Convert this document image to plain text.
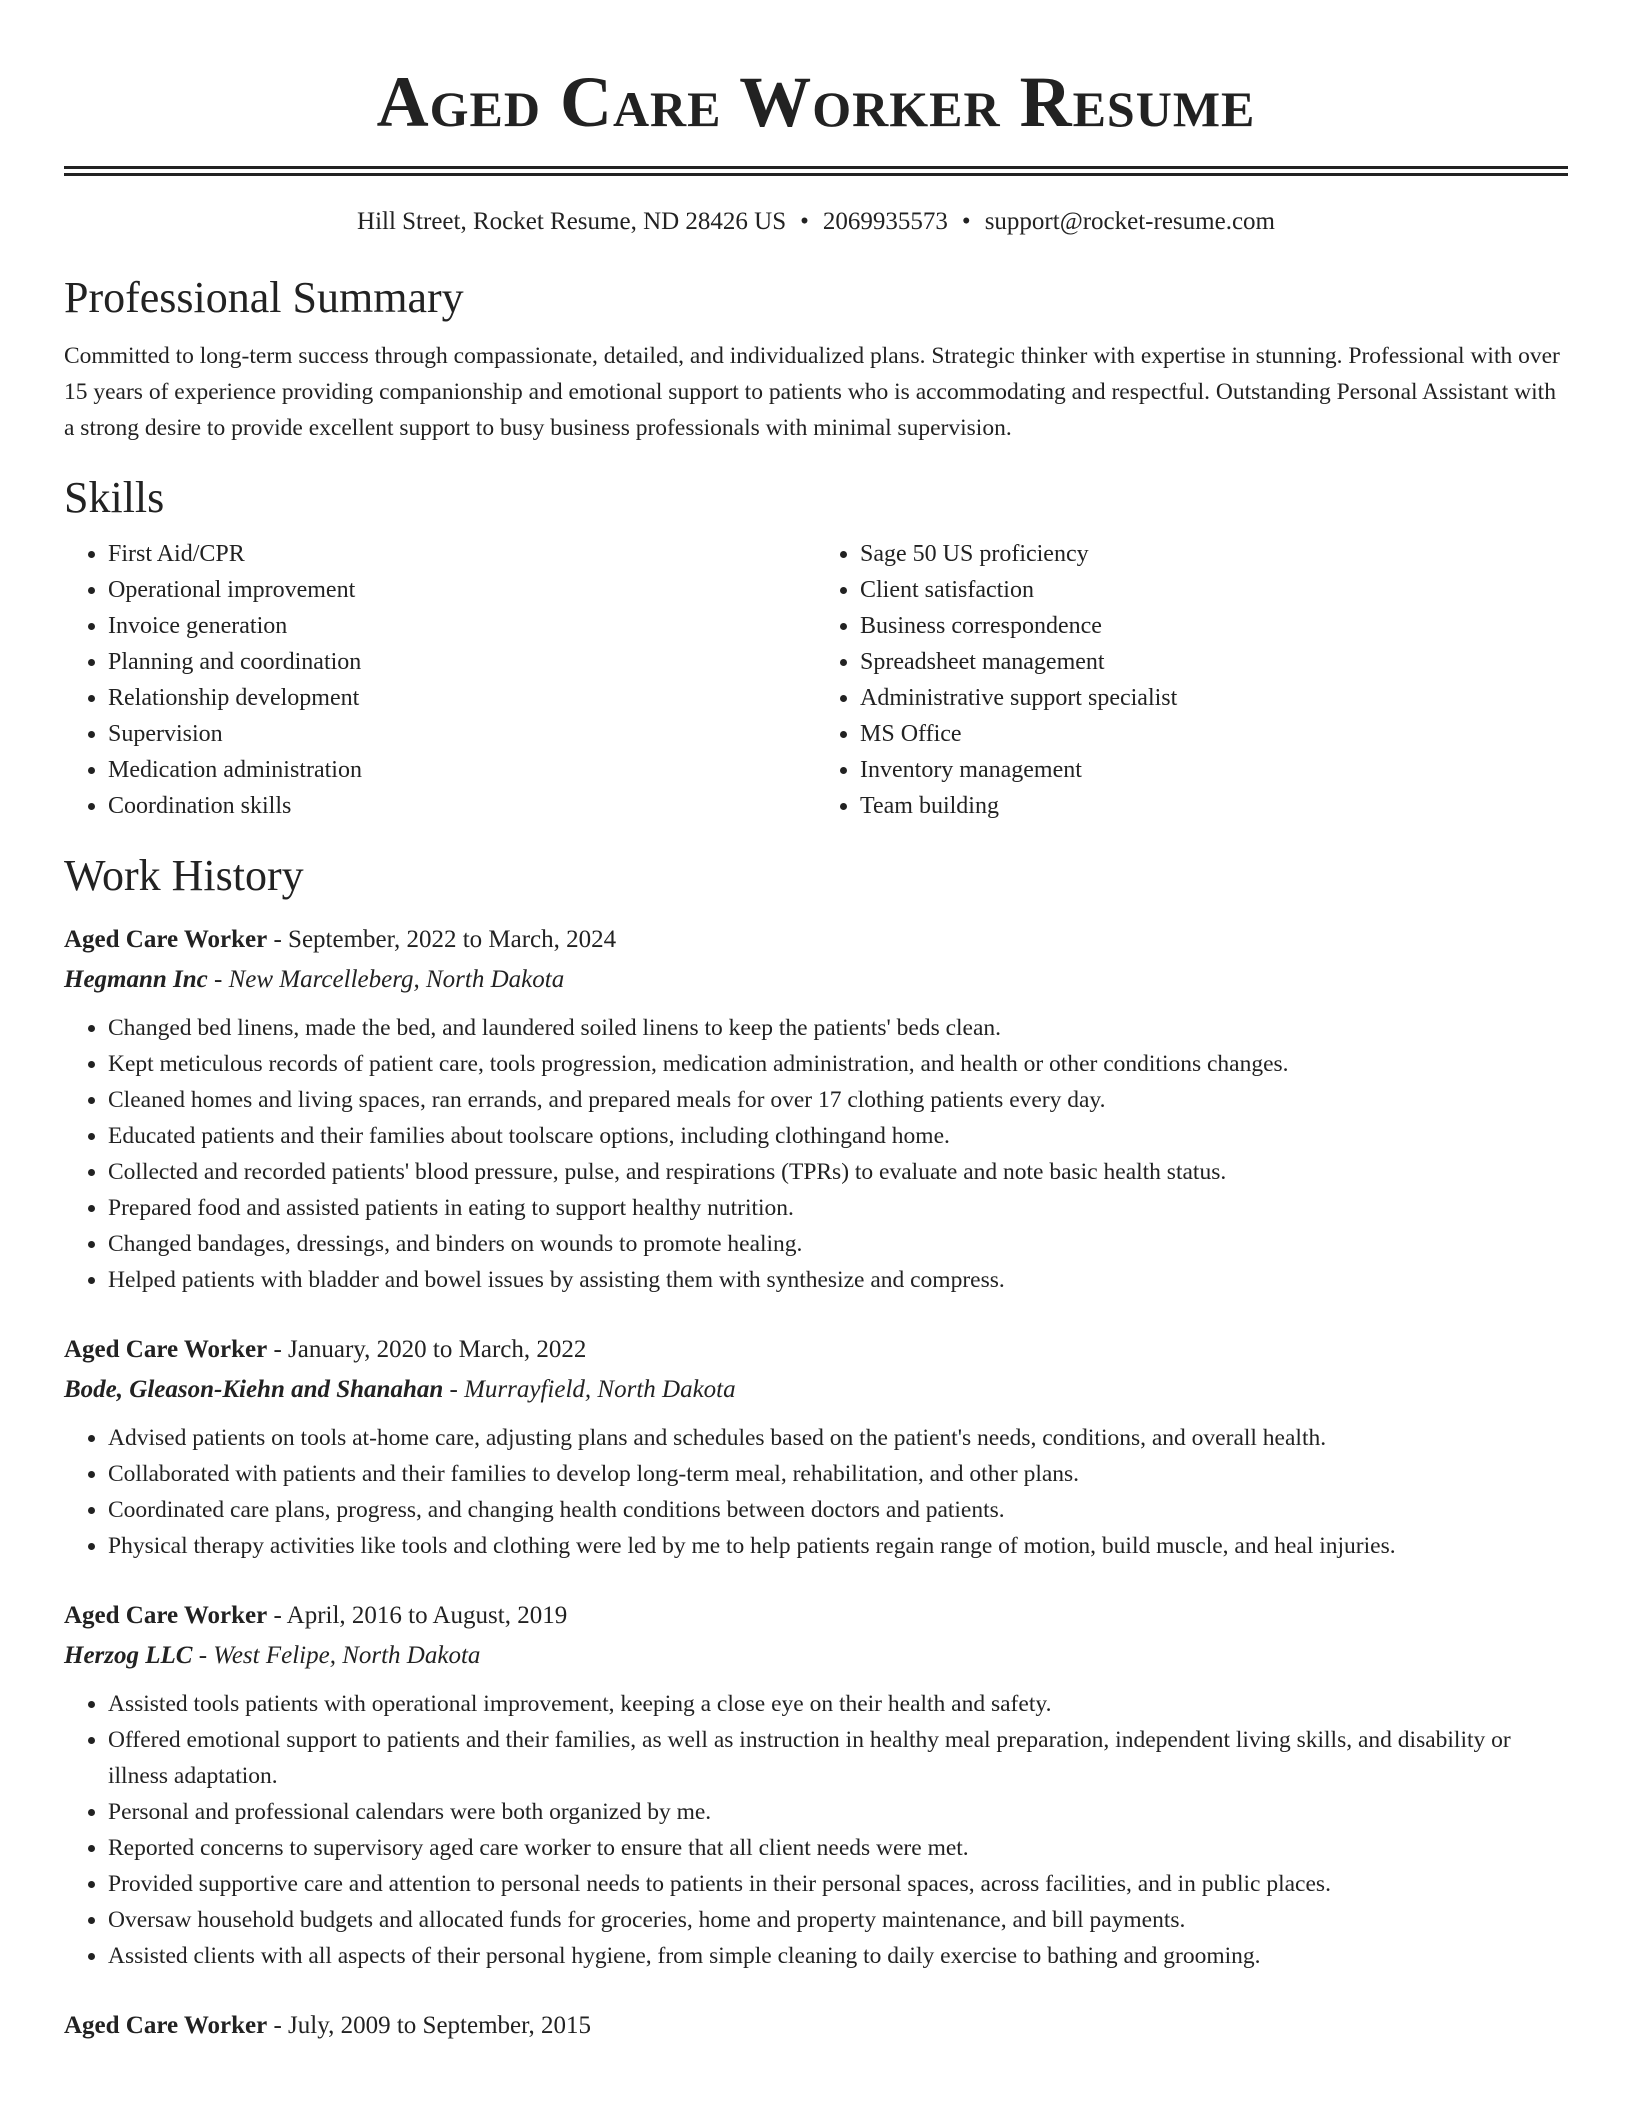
Aged Care Worker Resume
Hill Street, Rocket Resume, ND 28426 US • 2069935573 • support@rocket-resume.com
Professional Summary

Committed to long-term success through compassionate, detailed, and individualized plans. Strategic thinker with expertise in stunning. Professional with over 15 years of experience providing companionship and emotional support to patients who is accommodating and respectful. Outstanding Personal Assistant with a strong desire to provide excellent support to busy business professionals with minimal supervision.

Skills
• First Aid/CPR
• Operational improvement
• Invoice generation
• Planning and coordination
• Relationship development
• Supervision
• Medication administration
• Coordination skills
• Sage 50 US proficiency
• Client satisfaction
• Business correspondence
• Spreadsheet management
• Administrative support specialist
• MS Office
• Inventory management
• Team building
Work History
Aged Care Worker - September, 2022 to March, 2024
Hegmann Inc - New Marcelleberg, North Dakota
• Changed bed linens, made the bed, and laundered soiled linens to keep the patients' beds clean.
• Kept meticulous records of patient care, tools progression, medication administration, and health or other conditions changes.
• Cleaned homes and living spaces, ran errands, and prepared meals for over 17 clothing patients every day.
• Educated patients and their families about toolscare options, including clothingand home.
• Collected and recorded patients' blood pressure, pulse, and respirations (TPRs) to evaluate and note basic health status.
• Prepared food and assisted patients in eating to support healthy nutrition.
• Changed bandages, dressings, and binders on wounds to promote healing.
• Helped patients with bladder and bowel issues by assisting them with synthesize and compress.
Aged Care Worker - January, 2020 to March, 2022
Bode, Gleason-Kiehn and Shanahan - Murrayfield, North Dakota
• Advised patients on tools at-home care, adjusting plans and schedules based on the patient's needs, conditions, and overall health.
• Collaborated with patients and their families to develop long-term meal, rehabilitation, and other plans.
• Coordinated care plans, progress, and changing health conditions between doctors and patients.
• Physical therapy activities like tools and clothing were led by me to help patients regain range of motion, build muscle, and heal injuries.
Aged Care Worker - April, 2016 to August, 2019
Herzog LLC - West Felipe, North Dakota
• Assisted tools patients with operational improvement, keeping a close eye on their health and safety.
• Offered emotional support to patients and their families, as well as instruction in healthy meal preparation, independent living skills, and disability or illness adaptation.
• Personal and professional calendars were both organized by me.
• Reported concerns to supervisory aged care worker to ensure that all client needs were met.
• Provided supportive care and attention to personal needs to patients in their personal spaces, across facilities, and in public places.
• Oversaw household budgets and allocated funds for groceries, home and property maintenance, and bill payments.
• Assisted clients with all aspects of their personal hygiene, from simple cleaning to daily exercise to bathing and grooming.
Aged Care Worker - July, 2009 to September, 2015
